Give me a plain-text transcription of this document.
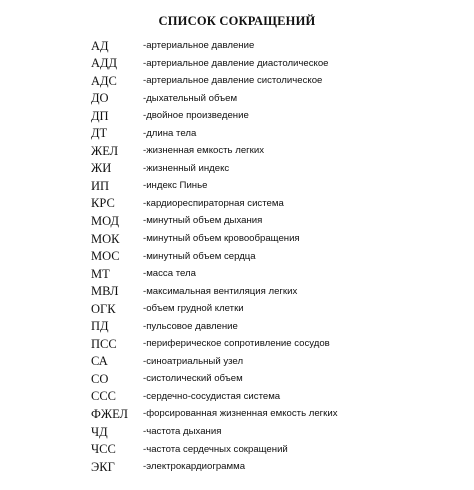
СПИСОК СОКРАЩЕНИЙ
АД	-артериальное давление
АДД	-артериальное давление диастолическое
АДС	-артериальное давление систолическое
ДО	-дыхательный объем
ДП	-двойное произведение
ДТ	-длина тела
ЖЕЛ	-жизненная емкость легких
ЖИ	-жизненный индекс
ИП	-индекс Пинье
КРС	-кардиореспираторная система
МОД -минутный объем дыхания
МОК -минутный объем кровообращения
МОС -минутный объем сердца
МТ	-масса тела
МВЛ	-максимальная вентиляция легких
ОГК	-объем грудной клетки
ПД	-пульсовое давление
ПСС	-периферическое сопротивление сосудов
СА	-синоатриальный узел
СО	-систолический объем
ССС	-сердечно-сосудистая система
ФЖЕЛ -форсированная жизненная емкость легких
ЧД	-частота дыхания
ЧСС	-частота сердечных сокращений
ЭКГ	-электрокардиограмма
